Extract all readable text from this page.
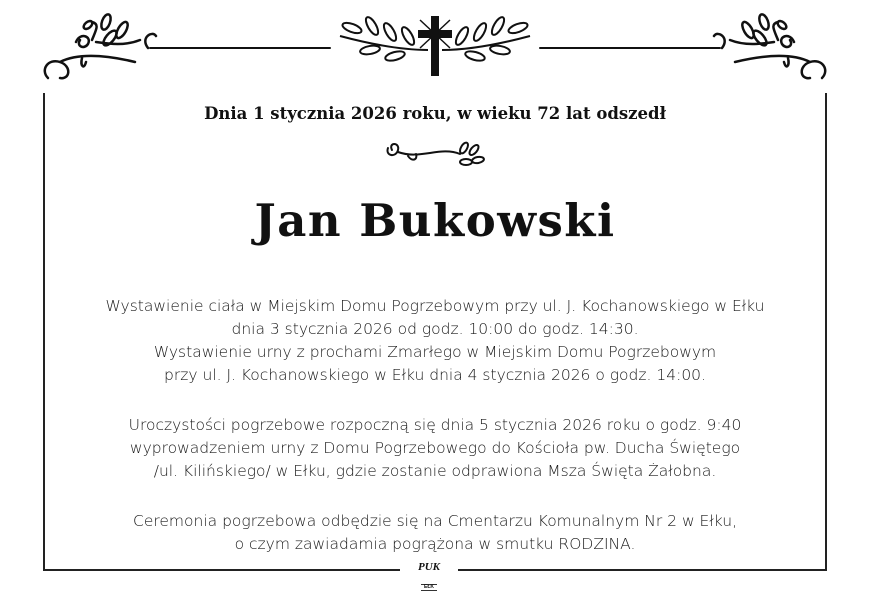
Dnia 1 stycznia 2026 roku, w wieku 72 lat odszedł
Jan Bukowski
Wystawienie ciała w Miejskim Domu Pogrzebowym przy ul. J. Kochanowskiego w Ełku
dnia 3 stycznia 2026 od godz. 10:00 do godz. 14:30.
Wystawienie urny z prochami Zmarłego w Miejskim Domu Pogrzebowym
przy ul. J. Kochanowskiego w Ełku dnia 4 stycznia 2026 o godz. 14:00.
Uroczystości pogrzebowe rozpoczną się dnia 5 stycznia 2026 roku o godz. 9:40
wyprowadzeniem urny z Domu Pogrzebowego do Kościoła pw. Ducha Świętego
/ul. Kilińskiego/ w Ełku, gdzie zostanie odprawiona Msza Święta Żałobna.
Ceremonia pogrzebowa odbędzie się na Cmentarzu Komunalnym Nr 2 w Ełku,
o czym zawiadamia pogrążona w smutku RODZINA.
PUK
EŁK
